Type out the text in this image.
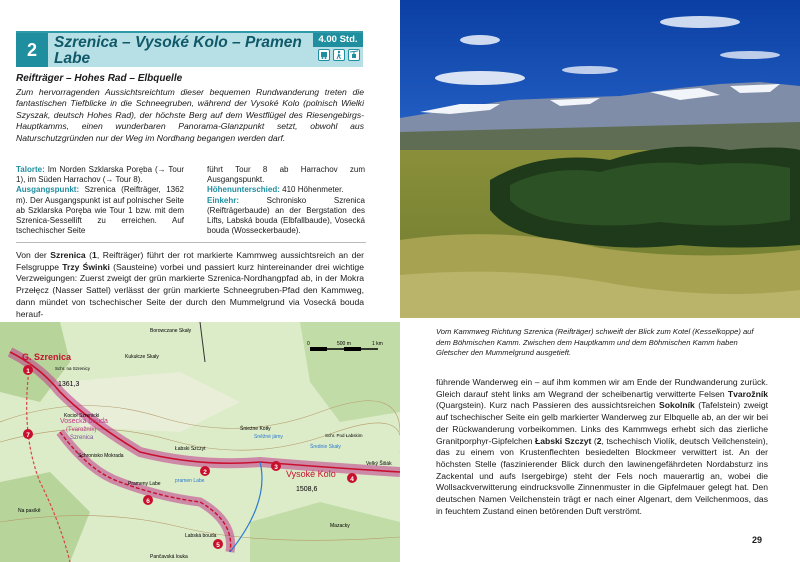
2	Szrenica – Vysoké Kolo – Pramen Labe
4.00 Std.
Reifträger – Hohes Rad – Elbquelle
Zum hervorragenden Aussichtsreichtum dieser bequemen Rundwanderung treten die fantastischen Tiefblicke in die Schneegruben, während der Vysoké Kolo (polnisch Wielki Szyszak, deutsch Hohes Rad), der höchste Berg auf dem Westflügel des Riesengebirgs-Hauptkamms, einen wunderbaren Panorama-Glanzpunkt setzt, obwohl aus Naturschutzgründen nur der Weg im Nordhang begangen werden darf.
Talorte: Im Norden Szklarska Poręba (→ Tour 1), im Süden Harrachov (→ Tour 8).
Ausgangspunkt: Szrenica (Reifträger, 1362 m). Der Ausgangspunkt ist auf polnischer Seite ab Szklarska Poręba wie Tour 1 bzw. mit dem Szrenica-Sessellift zu erreichen. Auf tschechischer Seite
führt Tour 8 ab Harrachov zum Ausgangspunkt.
Höhenunterschied: 410 Höhenmeter.
Einkehr:	Schronisko Szrenica (Reifträgerbaude) an der Bergstation des Lifts, Labská bouda (Elbfallbaude), Vosecká bouda (Wosseckerbaude).
Von der Szrenica (1, Reifträger) führt der rot markierte Kammweg aussichtsreich an der Felsgruppe Trzy Świnki (Sausteine) vorbei und passiert kurz hintereinander drei wichtige Verzweigungen: Zuerst zweigt der grün markierte Szrenica-Nordhangpfad ab, in der Mokra Przełęcz (Nasser Sattel) verlässt der grün markierte Schneegruben-Pfad den Kammweg, dann mündet von tschechischer Seite der durch den Mummelgrund via Vosecká bouda herauf-
Vom Kammweg Richtung Szrenica (Reifträger) schweift der Blick zum Kotel (Kesselkoppe) auf dem Böhmischen Kamm. Zwischen dem Hauptkamm und dem Böhmischen Kamm haben Gletscher den Mummelgrund ausgetieft.
führende Wanderweg ein – auf ihm kommen wir am Ende der Rundwanderung zurück. Gleich darauf steht links am Wegrand der scheibenartig verwitterte Felsen Tvarožník (Quargstein). Kurz nach Passieren des aussichtsreichen Sokolník (Tafelstein) zweigt auf tschechischer Seite ein gelb markierter Wanderweg zur Elbquelle ab, an der wir bei der Rückwanderung vorbeikommen. Links des Kammwegs erhebt sich das zierliche Granitporphyr-Gipfelchen Łabski Szczyt (2, tschechisch Violík, deutsch Veilchenstein), das zu einem von Krustenflechten besiedelten Blockmeer verwittert ist. An der höchsten Stelle (faszinierender Blick durch den lawinengefährdeten Nordabsturz ins Zackental und aufs Isergebirge) steht der Fels noch mauerartig an, wobei die Wollsackverwitterung eindrucksvolle Zinnenmuster in die Gipfelmauer gelegt hat. Den deutschen Namen Veilchenstein trägt er nach einer Algenart, dem Veilchenmoos, das in feuchtem Zustand einen betörenden Duft verströmt.
29
0	500 m	1 km
G. Szrenica
Borowczane Skały
Kukułcze Skały
Schr. na Szrenicy
1361,3
Kocioł Szrenicki
Vosecká bouda
(Tvarožník)
Szrenica
Schronisko Mokrada
Łabski Szczyt
Śnieżne Kotły
Sněžné jámy	Schr. Pod Łabskim
Średnie Skały
Vysoké Kolo
1508,6
Velký Šišák
pramen Labe
Prameny Labe
Labská bouda
Na pasíkě
Mazacky
Pančavská louka
1
2
3
4
5
6
7
